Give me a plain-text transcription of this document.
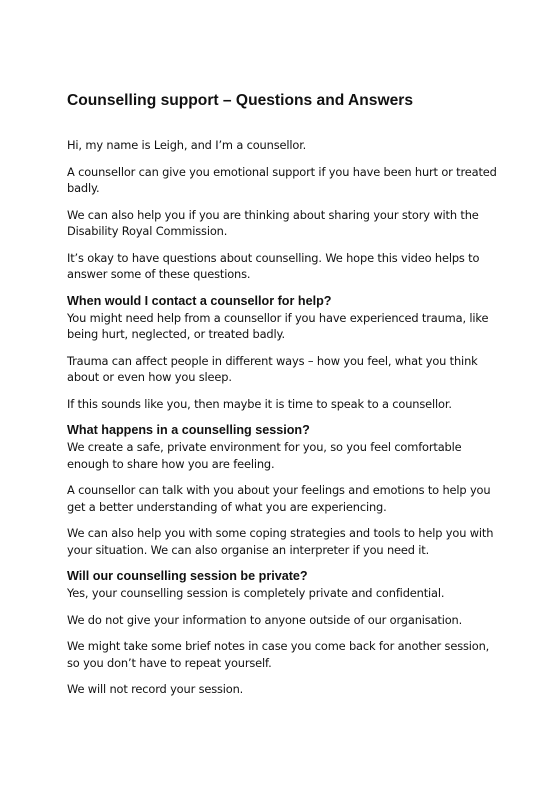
Counselling support – Questions and Answers

Hi, my name is Leigh, and I’m a counsellor.

A counsellor can give you emotional support if you have been hurt or treated badly.

We can also help you if you are thinking about sharing your story with the Disability Royal Commission.

It’s okay to have questions about counselling. We hope this video helps to answer some of these questions.

When would I contact a counsellor for help?

You might need help from a counsellor if you have experienced trauma, like being hurt, neglected, or treated badly.

Trauma can affect people in different ways – how you feel, what you think about or even how you sleep.

If this sounds like you, then maybe it is time to speak to a counsellor.

What happens in a counselling session?

We create a safe, private environment for you, so you feel comfortable enough to share how you are feeling.

A counsellor can talk with you about your feelings and emotions to help you get a better understanding of what you are experiencing.

We can also help you with some coping strategies and tools to help you with your situation. We can also organise an interpreter if you need it.

Will our counselling session be private?

Yes, your counselling session is completely private and confidential.

We do not give your information to anyone outside of our organisation.

We might take some brief notes in case you come back for another session, so you don’t have to repeat yourself.

We will not record your session.
